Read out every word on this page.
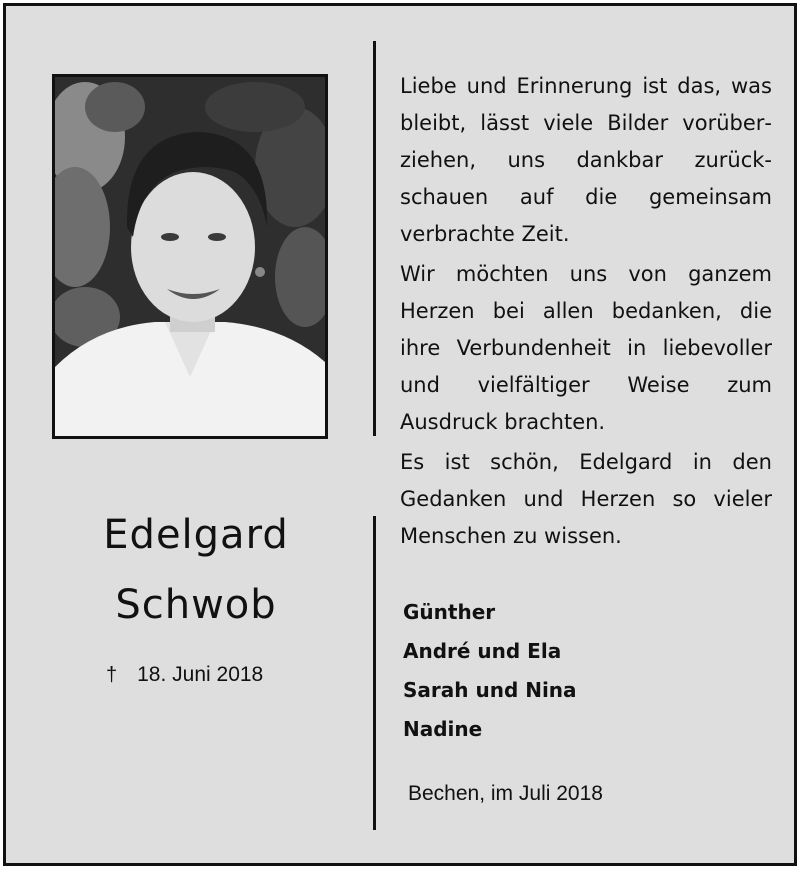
Edelgard
Schwob
† 18. Juni 2018

Liebe und Erinnerung ist das, was bleibt, lässt viele Bilder vorüberziehen, uns dankbar zurückschauen auf die gemeinsam verbrachte Zeit.

Wir möchten uns von ganzem Herzen bei allen bedanken, die ihre Verbundenheit in liebevoller und vielfältiger Weise zum Ausdruck brachten.
Es ist schön, Edelgard in den Gedanken und Herzen so vieler Menschen zu wissen.
Günther
André und Ela
Sarah und Nina
Nadine
Bechen, im Juli 2018
